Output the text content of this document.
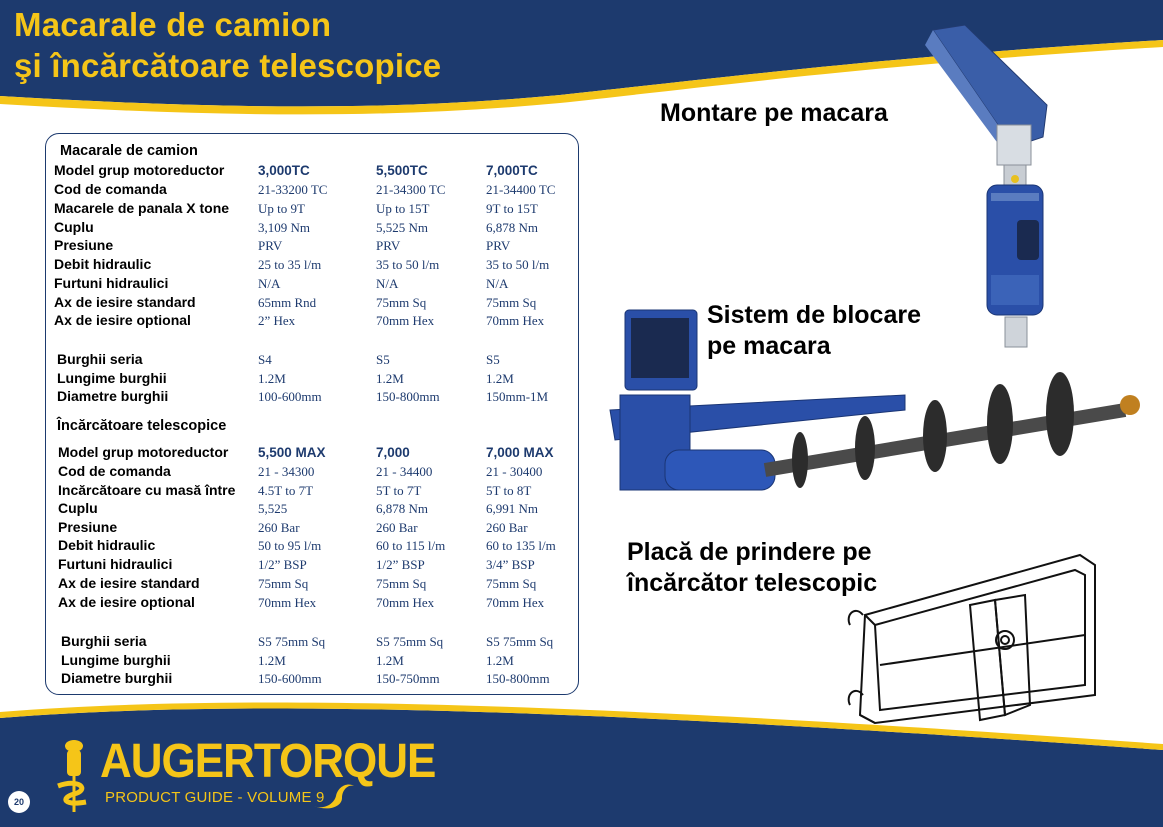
Macarale de camion
şi încărcătoare telescopice
Macarale de camion
Model grup motoreductor 3,000TC	5,500TC	7,000TC
Cod de comanda	21-33200 TC	21-34300 TC	21-34400 TC
Macarele de panala X tone Up to 9T	Up to 15T	9T to 15T
Cuplu	3,109 Nm	5,525 Nm	6,878 Nm
Presiune	PRV	PRV	PRV
Debit hidraulic	25 to 35 l/m	35 to 50 l/m	35 to 50 l/m
Furtuni hidraulici	N/A	N/A	N/A
Ax de iesire standard	65mm Rnd	75mm Sq	75mm Sq
Ax de iesire optional	2” Hex	70mm Hex	70mm Hex
Burghii seria	S4	S5	S5
Lungime burghii	1.2M	1.2M	1.2M
Diametre burghii	100-600mm	150-800mm	150mm-1M
Încărcătoare telescopice
Model grup motoreductor 5,500 MAX	7,000	7,000 MAX
Cod de comanda	21 - 34300	21 - 34400	21 - 30400
Incărcătoare cu masă între 4.5T to 7T	5T to 7T	5T to 8T
Cuplu	5,525	6,878 Nm	6,991 Nm
Presiune	260 Bar	260 Bar	260 Bar
Debit hidraulic	50 to 95 l/m	60 to 115 l/m	60 to 135 l/m
Furtuni hidraulici	1/2” BSP	1/2” BSP	3/4” BSP
Ax de iesire standard	75mm Sq	75mm Sq	75mm Sq
Ax de iesire optional	70mm Hex	70mm Hex	70mm Hex
Burghii seria	S5 75mm Sq	S5 75mm Sq	S5 75mm Sq
Lungime burghii	1.2M	1.2M	1.2M
Diametre burghii	150-600mm	150-750mm	150-800mm
Montare pe macara
Sistem de blocare
pe macara
Placă de prindere pe
încărcător telescopic
AUGERTORQUE
PRODUCT GUIDE - VOLUME 9
20
